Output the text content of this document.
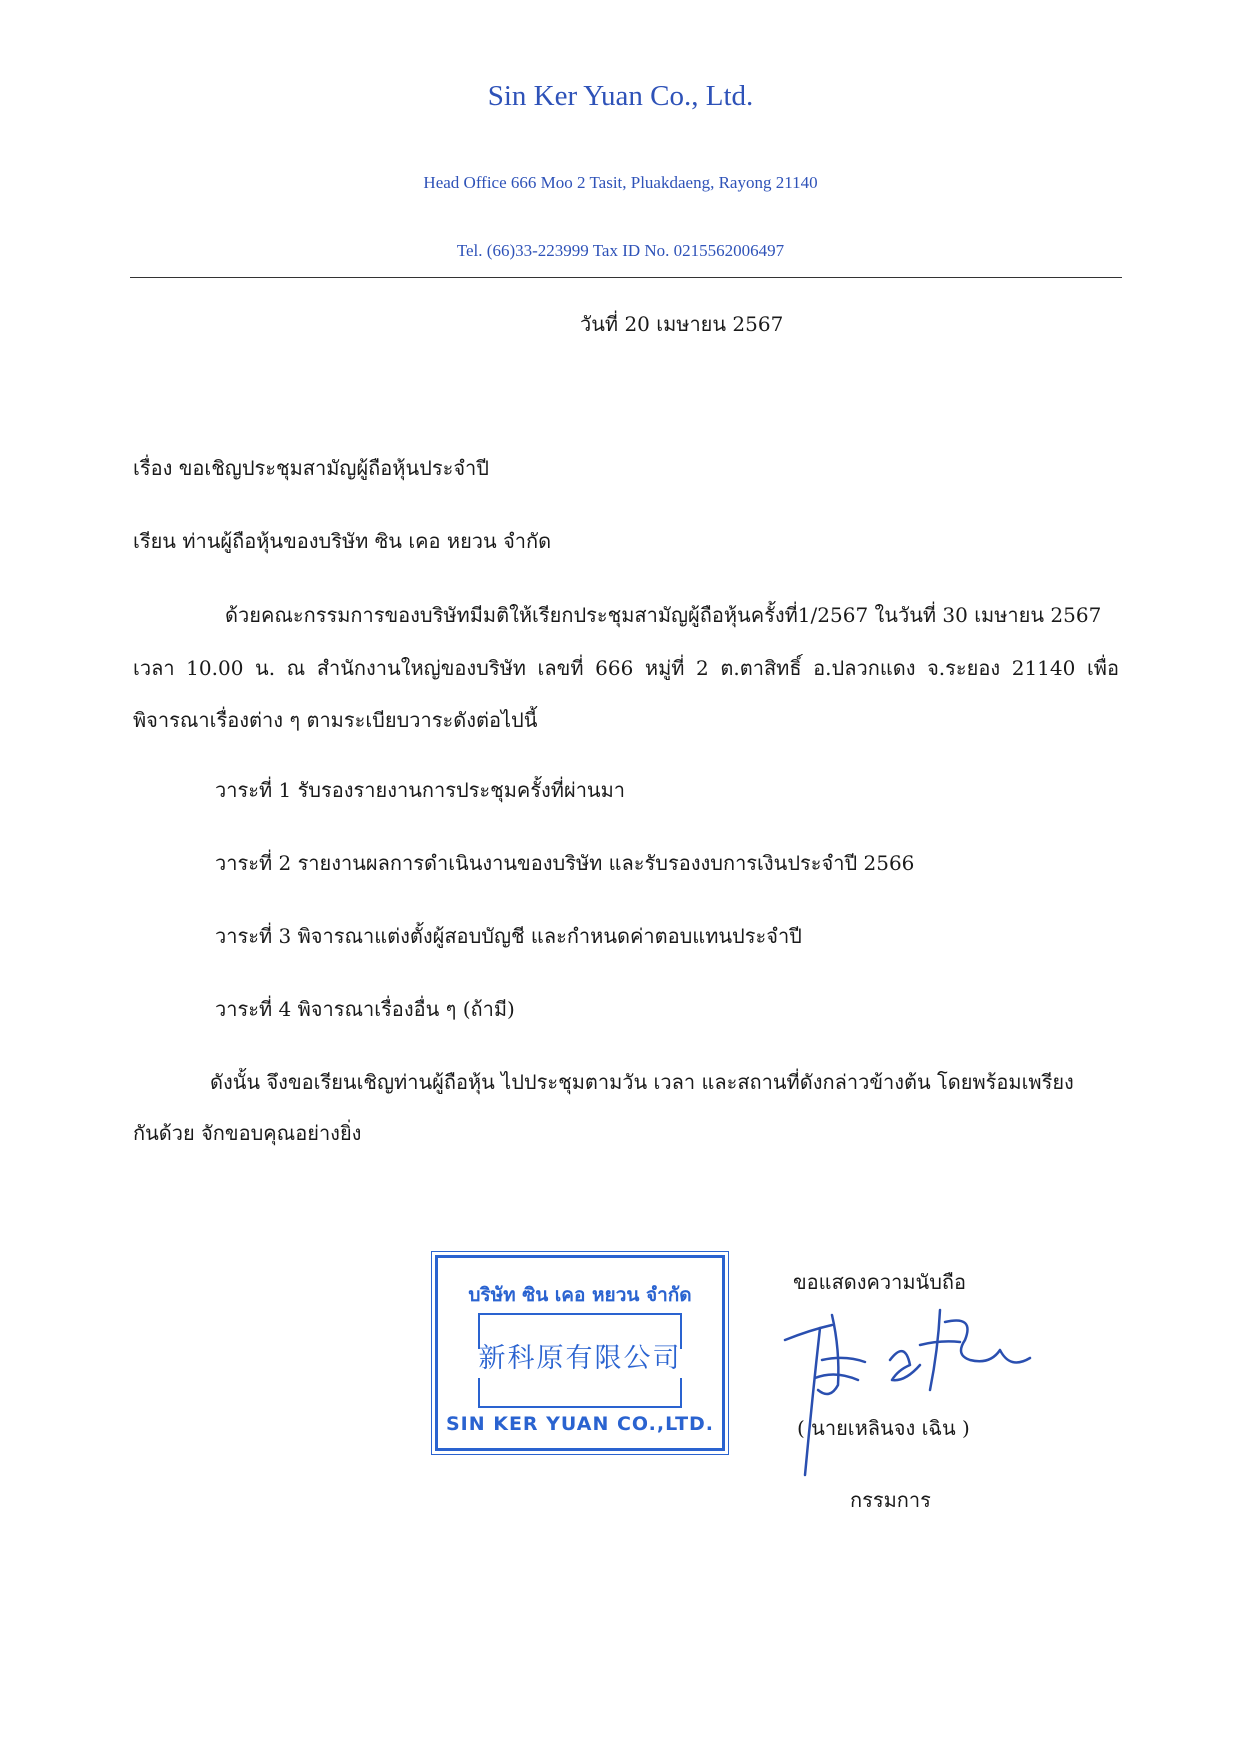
Sin Ker Yuan Co., Ltd.
Head Office 666 Moo 2 Tasit, Pluakdaeng, Rayong 21140
Tel. (66)33-223999 Tax ID No. 0215562006497
วันที่ 20 เมษายน 2567
เรื่อง ขอเชิญประชุมสามัญผู้ถือหุ้นประจำปี
เรียน ท่านผู้ถือหุ้นของบริษัท ซิน เคอ หยวน จำกัด
ด้วยคณะกรรมการของบริษัทมีมติให้เรียกประชุมสามัญผู้ถือหุ้นครั้งที่1/2567 ในวันที่ 30 เมษายน 2567
เวลา 10.00 น. ณ สำนักงานใหญ่ของบริษัท เลขที่ 666 หมู่ที่ 2 ต.ตาสิทธิ์ อ.ปลวกแดง จ.ระยอง 21140 เพื่อ
พิจารณาเรื่องต่าง ๆ ตามระเบียบวาระดังต่อไปนี้
วาระที่ 1 รับรองรายงานการประชุมครั้งที่ผ่านมา
วาระที่ 2 รายงานผลการดำเนินงานของบริษัท และรับรองงบการเงินประจำปี 2566
วาระที่ 3 พิจารณาแต่งตั้งผู้สอบบัญชี และกำหนดค่าตอบแทนประจำปี
วาระที่ 4 พิจารณาเรื่องอื่น ๆ (ถ้ามี)
ดังนั้น จึงขอเรียนเชิญท่านผู้ถือหุ้น ไปประชุมตามวัน เวลา และสถานที่ดังกล่าวข้างต้น โดยพร้อมเพรียง
กันด้วย จักขอบคุณอย่างยิ่ง
บริษัท ซิน เคอ หยวน จำกัด
新科原有限公司
SIN KER YUAN CO.,LTD.
ขอแสดงความนับถือ
( นายเหลินจง เฉิน )
กรรมการ
